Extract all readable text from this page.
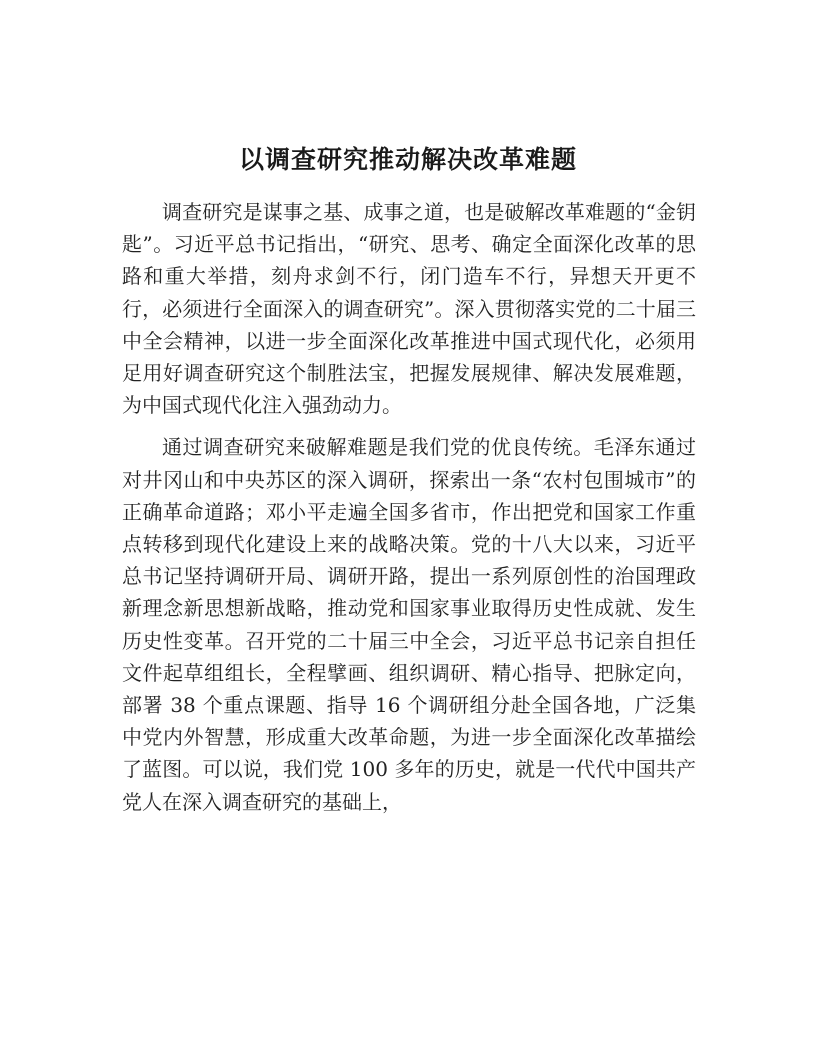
以调查研究推动解决改革难题

调查研究是谋事之基、成事之道，也是破解改革难题的“金钥匙”。习近平总书记指出，“研究、思考、确定全面深化改革的思路和重大举措，刻舟求剑不行，闭门造车不行，异想天开更不行，必须进行全面深入的调查研究”。深入贯彻落实党的二十届三中全会精神，以进一步全面深化改革推进中国式现代化，必须用足用好调查研究这个制胜法宝，把握发展规律、解决发展难题，为中国式现代化注入强劲动力。

通过调查研究来破解难题是我们党的优良传统。毛泽东通过对井冈山和中央苏区的深入调研，探索出一条“农村包围城市”的正确革命道路；邓小平走遍全国多省市，作出把党和国家工作重点转移到现代化建设上来的战略决策。党的十八大以来，习近平总书记坚持调研开局、调研开路，提出一系列原创性的治国理政新理念新思想新战略，推动党和国家事业取得历史性成就、发生历史性变革。召开党的二十届三中全会，习近平总书记亲自担任文件起草组组长，全程擘画、组织调研、精心指导、把脉定向，部署 38 个重点课题、指导 16 个调研组分赴全国各地，广泛集中党内外智慧，形成重大改革命题，为进一步全面深化改革描绘了蓝图。可以说，我们党 100 多年的历史，就是一代代中国共产党人在深入调查研究的基础上，
